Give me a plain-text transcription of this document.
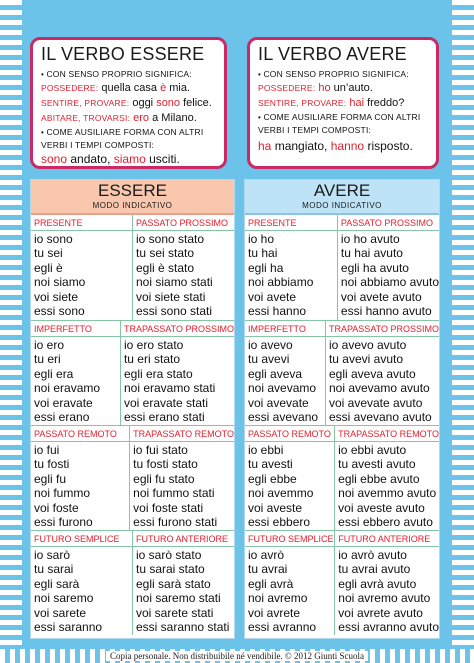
IL VERBO ESSERE
• CON SENSO PROPRIO SIGNIFICA:
POSSEDERE: quella casa è mia.
SENTIRE, PROVARE: oggi sono felice.
ABITARE, TROVARSI: ero a Milano.
• COME AUSILIARE FORMA CON ALTRI
VERBI I TEMPI COMPOSTI:
sono andato, siamo usciti.
IL VERBO AVERE
• CON SENSO PROPRIO SIGNIFICA:
POSSEDERE: ho un’auto.
SENTIRE, PROVARE: hai freddo?
• COME AUSILIARE FORMA CON ALTRI
VERBI I TEMPI COMPOSTI:
ha mangiato, hanno risposto.
ESSERE
MODO INDICATIVO
PRESENTE
io sono
tu sei
egli è
noi siamo
voi siete
essi sono
PASSATO PROSSIMO
io sono stato
tu sei stato
egli è stato
noi siamo stati
voi siete stati
essi sono stati
IMPERFETTO
io ero
tu eri
egli era
noi eravamo
voi eravate
essi erano
TRAPASSATO PROSSIMO
io ero stato
tu eri stato
egli era stato
noi eravamo stati
voi eravate stati
essi erano stati
PASSATO REMOTO
io fui
tu fosti
egli fu
noi fummo
voi foste
essi furono
TRAPASSATO REMOTO
io fui stato
tu fosti stato
egli fu stato
noi fummo stati
voi foste stati
essi furono stati
FUTURO SEMPLICE
io sarò
tu sarai
egli sarà
noi saremo
voi sarete
essi saranno
FUTURO ANTERIORE
io sarò stato
tu sarai stato
egli sarà stato
noi saremo stati
voi sarete stati
essi saranno stati
AVERE
MODO INDICATIVO
PRESENTE
io ho
tu hai
egli ha
noi abbiamo
voi avete
essi hanno
PASSATO PROSSIMO
io ho avuto
tu hai avuto
egli ha avuto
noi abbiamo avuto
voi avete avuto
essi hanno avuto
IMPERFETTO
io avevo
tu avevi
egli aveva
noi avevamo
voi avevate
essi avevano
TRAPASSATO PROSSIMO
io avevo avuto
tu avevi avuto
egli aveva avuto
noi avevamo avuto
voi avevate avuto
essi avevano avuto
PASSATO REMOTO
io ebbi
tu avesti
egli ebbe
noi avemmo
voi aveste
essi ebbero
TRAPASSATO REMOTO
io ebbi avuto
tu avesti avuto
egli ebbe avuto
noi avemmo avuto
voi aveste avuto
essi ebbero avuto
FUTURO SEMPLICE
io avrò
tu avrai
egli avrà
noi avremo
voi avrete
essi avranno
FUTURO ANTERIORE
io avrò avuto
tu avrai avuto
egli avrà avuto
noi avremo avuto
voi avrete avuto
essi avranno avuto
Copia personale. Non distribuibile né vendibile. © 2012 Giunti Scuola
